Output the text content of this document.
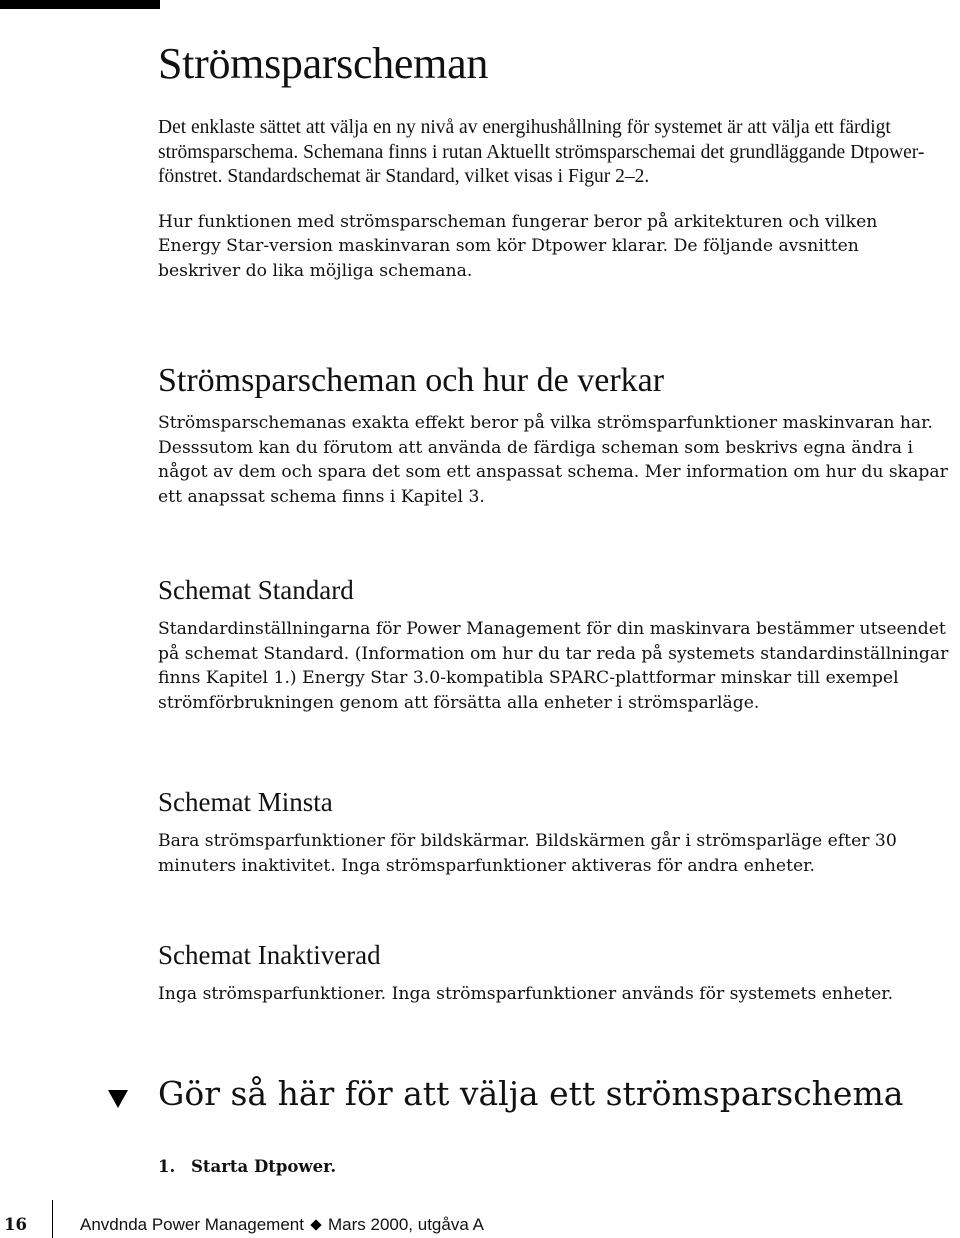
Strömsparscheman

Det enklaste sättet att välja en ny nivå av energihushållning för systemet är att välja ett färdigt strömsparschema. Schemana finns i rutan Aktuellt strömsparschemai det grundläggande Dtpower-fönstret. Standardschemat är Standard, vilket visas i Figur 2–2.

Hur funktionen med strömsparscheman fungerar beror på arkitekturen och vilken Energy Star-version maskinvaran som kör Dtpower klarar. De följande avsnitten beskriver do lika möjliga schemana.

Strömsparscheman och hur de verkar

Strömsparschemanas exakta effekt beror på vilka strömsparfunktioner maskinvaran har. Desssutom kan du förutom att använda de färdiga scheman som beskrivs egna ändra i något av dem och spara det som ett anspassat schema. Mer information om hur du skapar ett anapssat schema finns i Kapitel 3.

Schemat Standard

Standardinställningarna för Power Management för din maskinvara bestämmer utseendet på schemat Standard. (Information om hur du tar reda på systemets standardinställningar finns Kapitel 1.) Energy Star 3.0-kompatibla SPARC-plattformar minskar till exempel strömförbrukningen genom att försätta alla enheter i strömsparläge.

Schemat Minsta

Bara strömsparfunktioner för bildskärmar. Bildskärmen går i strömsparläge efter 30 minuters inaktivitet. Inga strömsparfunktioner aktiveras för andra enheter.

Schemat Inaktiverad

Inga strömsparfunktioner. Inga strömsparfunktioner används för systemets enheter.

Gör så här för att välja ett strömsparschema
1. Starta Dtpower.
16	Anvdnda Power Management Mars 2000, utgåva A
